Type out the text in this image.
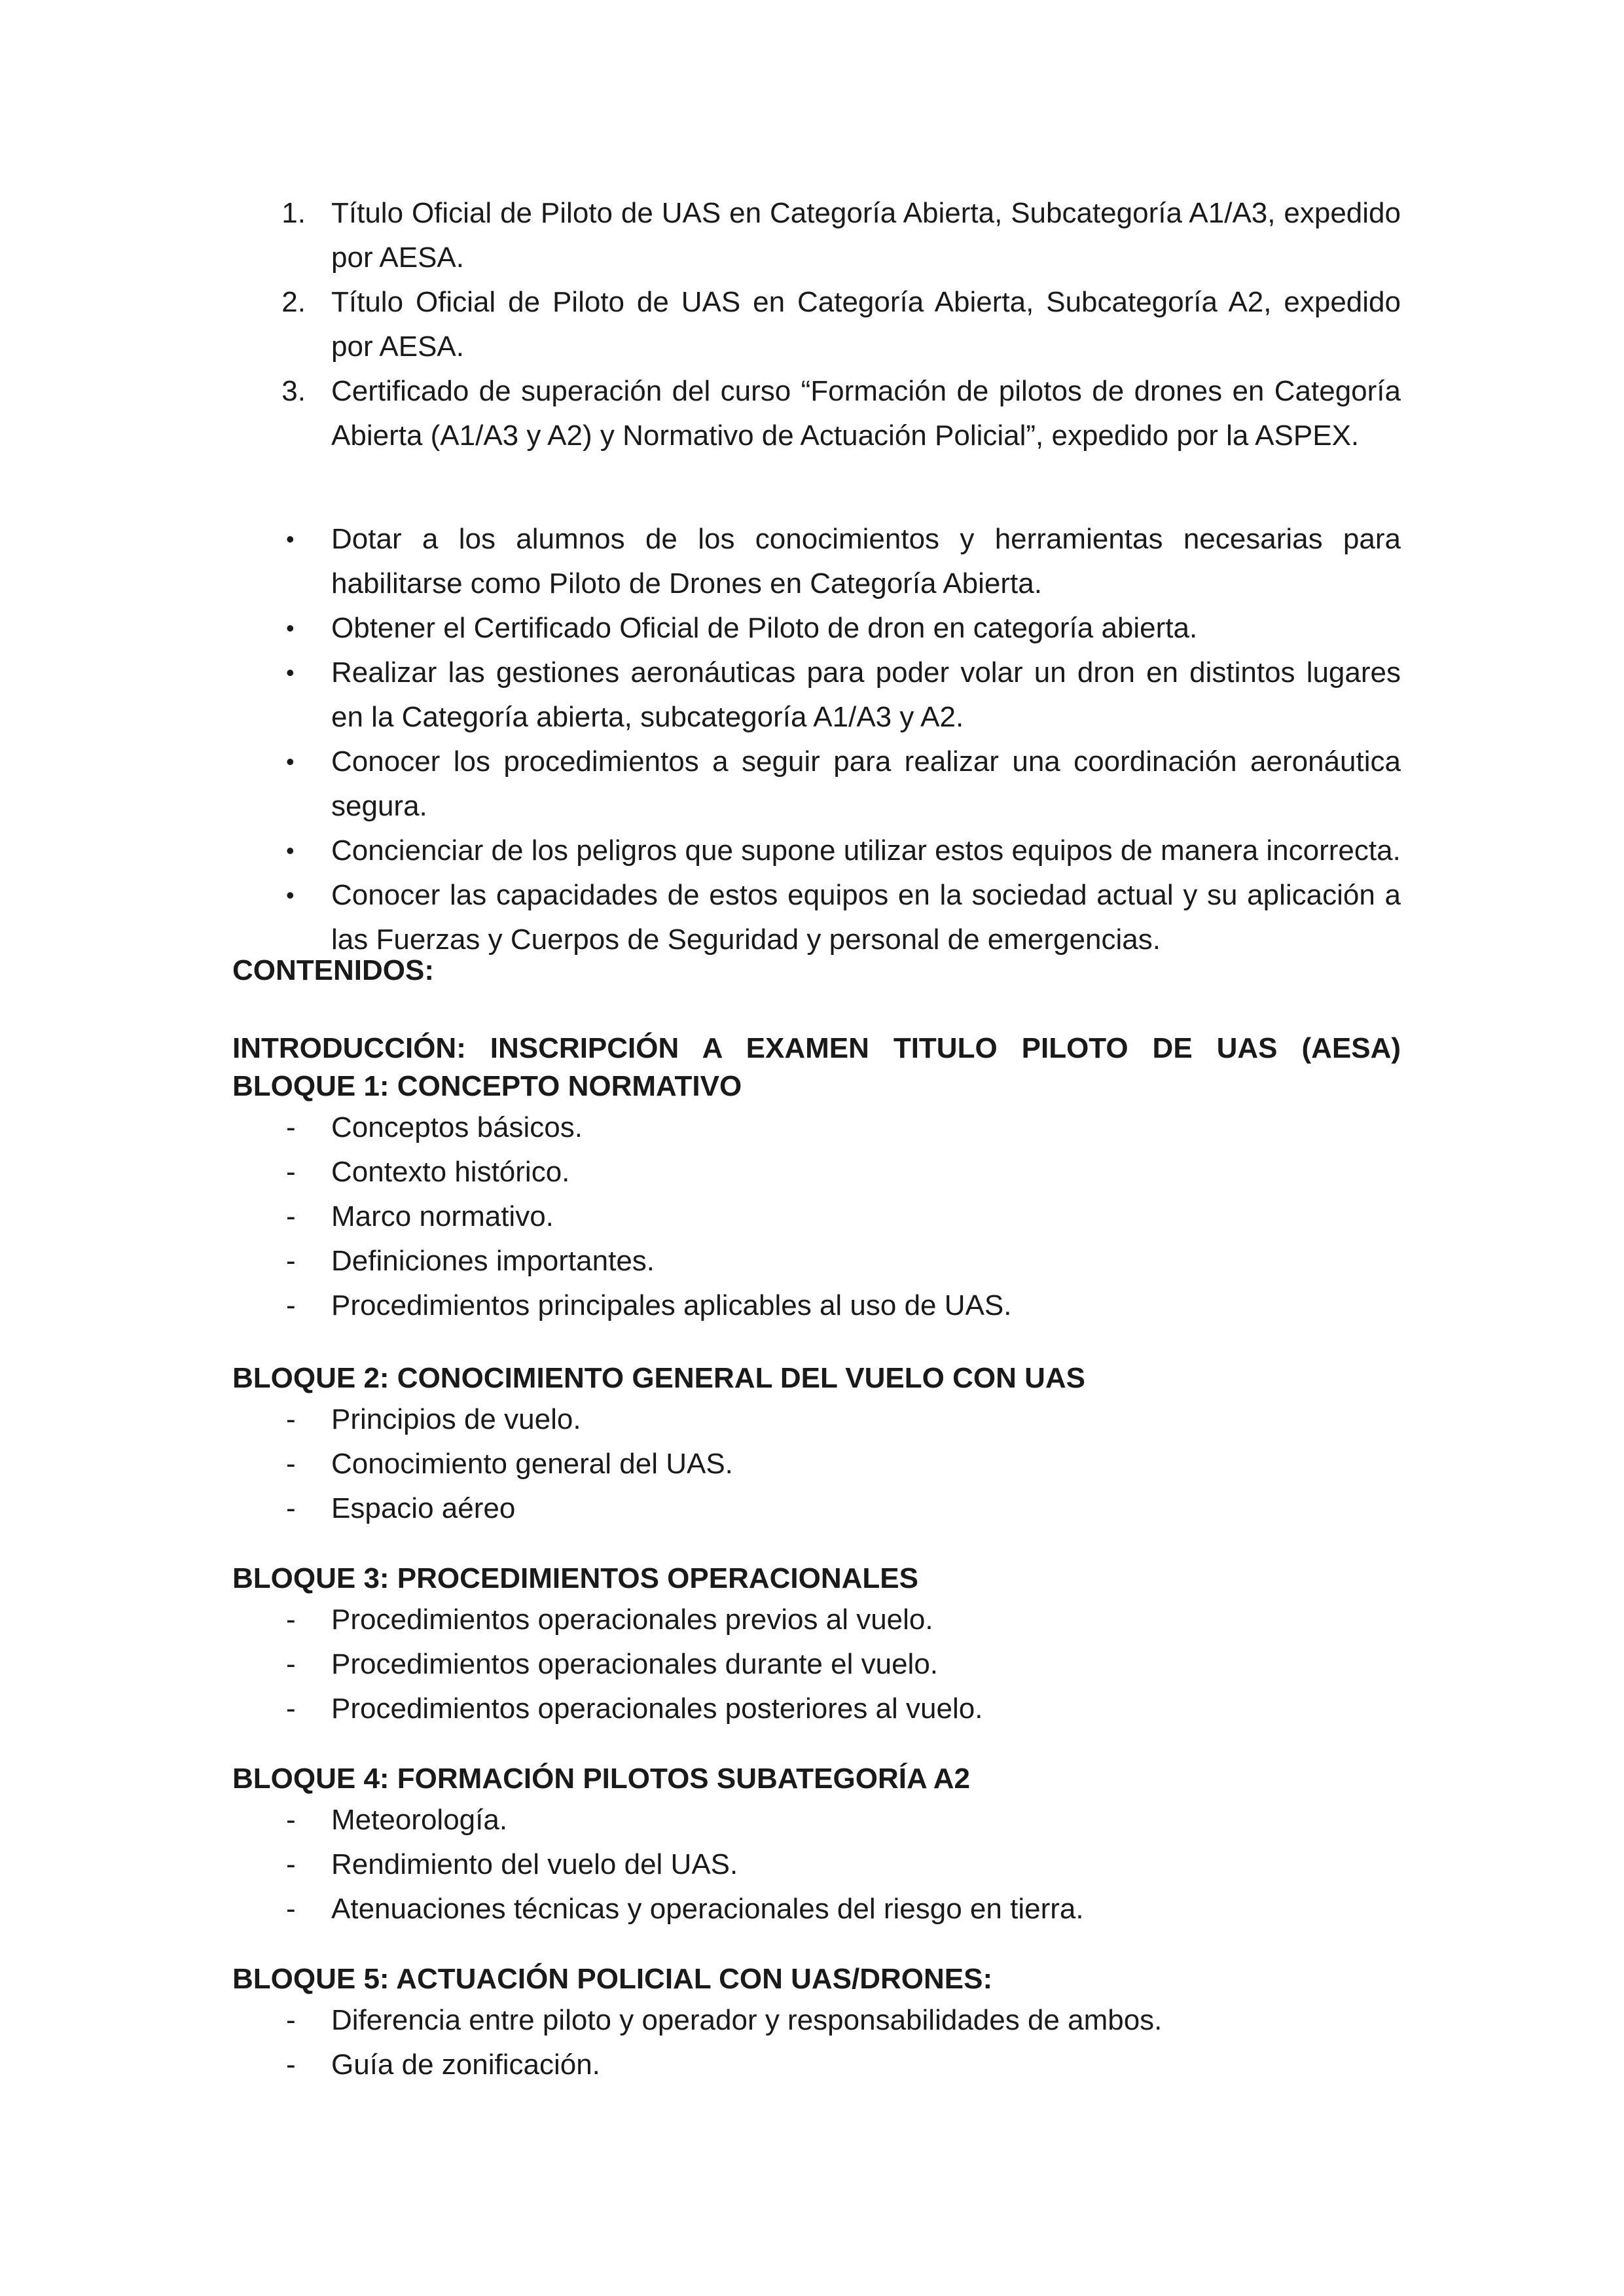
1. Título Oficial de Piloto de UAS en Categoría Abierta, Subcategoría A1/A3, expedido por AESA.
2. Título Oficial de Piloto de UAS en Categoría Abierta, Subcategoría A2, expedido por AESA.
3. Certificado de superación del curso “Formación de pilotos de drones en Categoría Abierta (A1/A3 y A2) y Normativo de Actuación Policial”, expedido por la ASPEX.
• Dotar a los alumnos de los conocimientos y herramientas necesarias para habilitarse como Piloto de Drones en Categoría Abierta.
• Obtener el Certificado Oficial de Piloto de dron en categoría abierta.
• Realizar las gestiones aeronáuticas para poder volar un dron en distintos lugares en la Categoría abierta, subcategoría A1/A3 y A2.
• Conocer los procedimientos a seguir para realizar una coordinación aeronáutica segura.
• Concienciar de los peligros que supone utilizar estos equipos de manera incorrecta.
• Conocer las capacidades de estos equipos en la sociedad actual y su aplicación a las Fuerzas y Cuerpos de Seguridad y personal de emergencias.
CONTENIDOS:
INTRODUCCIÓN: INSCRIPCIÓN A EXAMEN TITULO PILOTO DE UAS (AESA) BLOQUE 1: CONCEPTO NORMATIVO
- Conceptos básicos.
- Contexto histórico.
- Marco normativo.
- Definiciones importantes.
- Procedimientos principales aplicables al uso de UAS.
BLOQUE 2: CONOCIMIENTO GENERAL DEL VUELO CON UAS
- Principios de vuelo.
- Conocimiento general del UAS.
- Espacio aéreo
BLOQUE 3: PROCEDIMIENTOS OPERACIONALES
- Procedimientos operacionales previos al vuelo.
- Procedimientos operacionales durante el vuelo.
- Procedimientos operacionales posteriores al vuelo.
BLOQUE 4: FORMACIÓN PILOTOS SUBATEGORÍA A2
- Meteorología.
- Rendimiento del vuelo del UAS.
- Atenuaciones técnicas y operacionales del riesgo en tierra.
BLOQUE 5: ACTUACIÓN POLICIAL CON UAS/DRONES:
- Diferencia entre piloto y operador y responsabilidades de ambos.
- Guía de zonificación.
